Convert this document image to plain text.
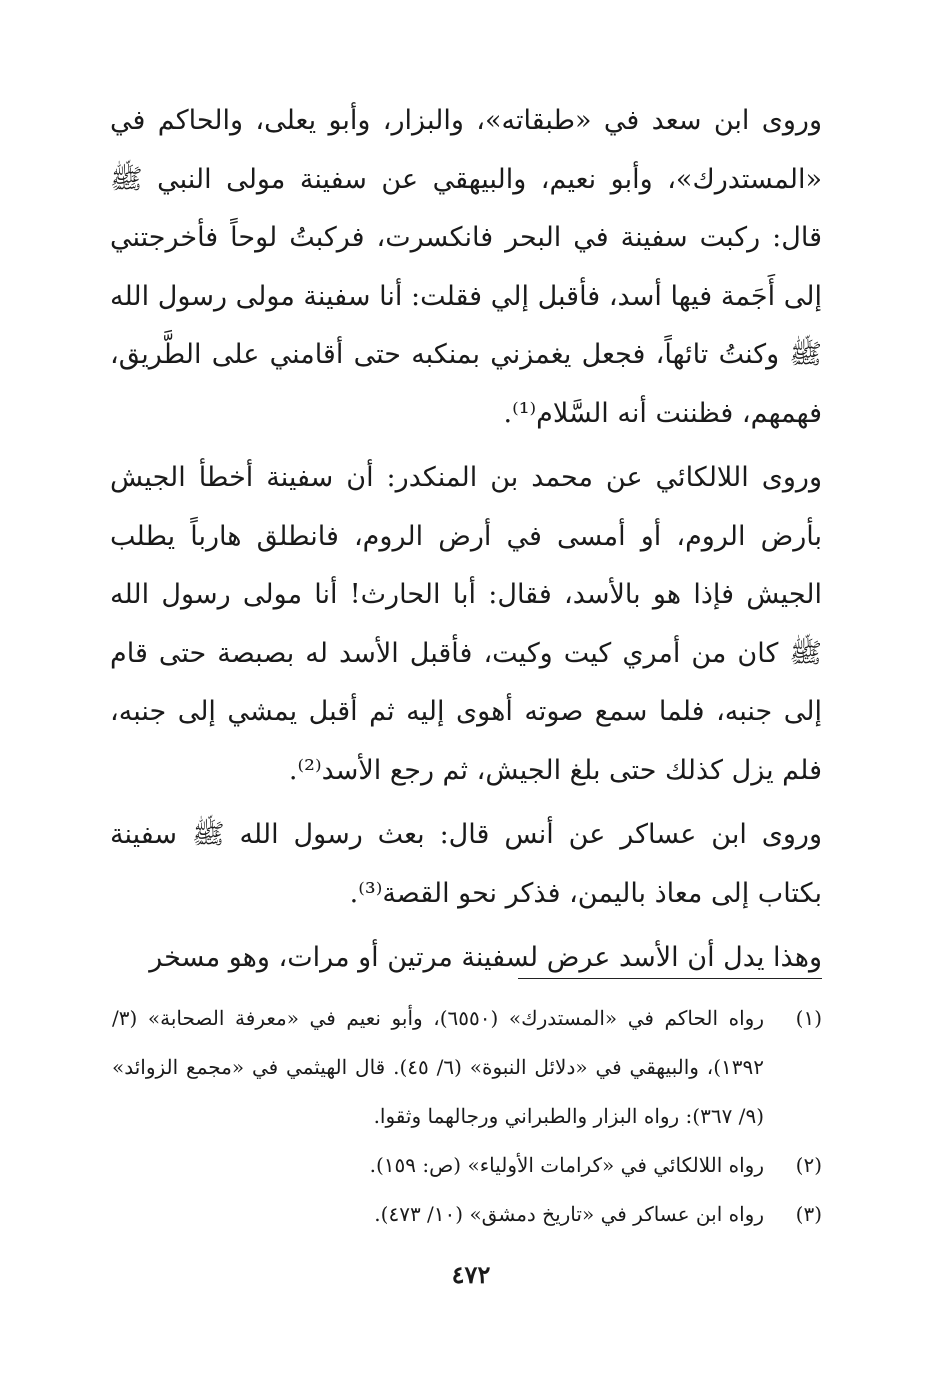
وروى ابن سعد في «طبقاته»، والبزار، وأبو يعلى، والحاكم في «المستدرك»، وأبو نعيم، والبيهقي عن سفينة مولى النبي ﷺ قال: ركبت سفينة في البحر فانكسرت، فركبتُ لوحاً فأخرجتني إلى أَجَمة فيها أسد، فأقبل إلي فقلت: أنا سفينة مولى رسول الله ﷺ وكنتُ تائهاً، فجعل يغمزني بمنكبه حتى أقامني على الطَّريق، فهمهم، فظننت أنه السَّلام⁽¹⁾.

وروى اللالكائي عن محمد بن المنكدر: أن سفينة أخطأ الجيش بأرض الروم، أو أمسى في أرض الروم، فانطلق هارباً يطلب الجيش فإذا هو بالأسد، فقال: أبا الحارث! أنا مولى رسول الله ﷺ كان من أمري كيت وكيت، فأقبل الأسد له بصبصة حتى قام إلى جنبه، فلما سمع صوته أهوى إليه ثم أقبل يمشي إلى جنبه، فلم يزل كذلك حتى بلغ الجيش، ثم رجع الأسد⁽²⁾.

وروى ابن عساكر عن أنس قال: بعث رسول الله ﷺ سفينة بكتاب إلى معاذ باليمن، فذكر نحو القصة⁽³⁾.

وهذا يدل أن الأسد عرض لسفينة مرتين أو مرات، وهو مسخر

(١)
رواه الحاكم في «المستدرك» (٦٥٥٠)، وأبو نعيم في «معرفة الصحابة» (٣/ ١٣٩٢)، والبيهقي في «دلائل النبوة» (٦/ ٤٥). قال الهيثمي في «مجمع الزوائد» (٩/ ٣٦٧): رواه البزار والطبراني ورجالهما وثقوا.
(٢)
رواه اللالكائي في «كرامات الأولياء» (ص: ١٥٩).
(٣)
رواه ابن عساكر في «تاريخ دمشق» (١٠/ ٤٧٣).
٤٧٢
